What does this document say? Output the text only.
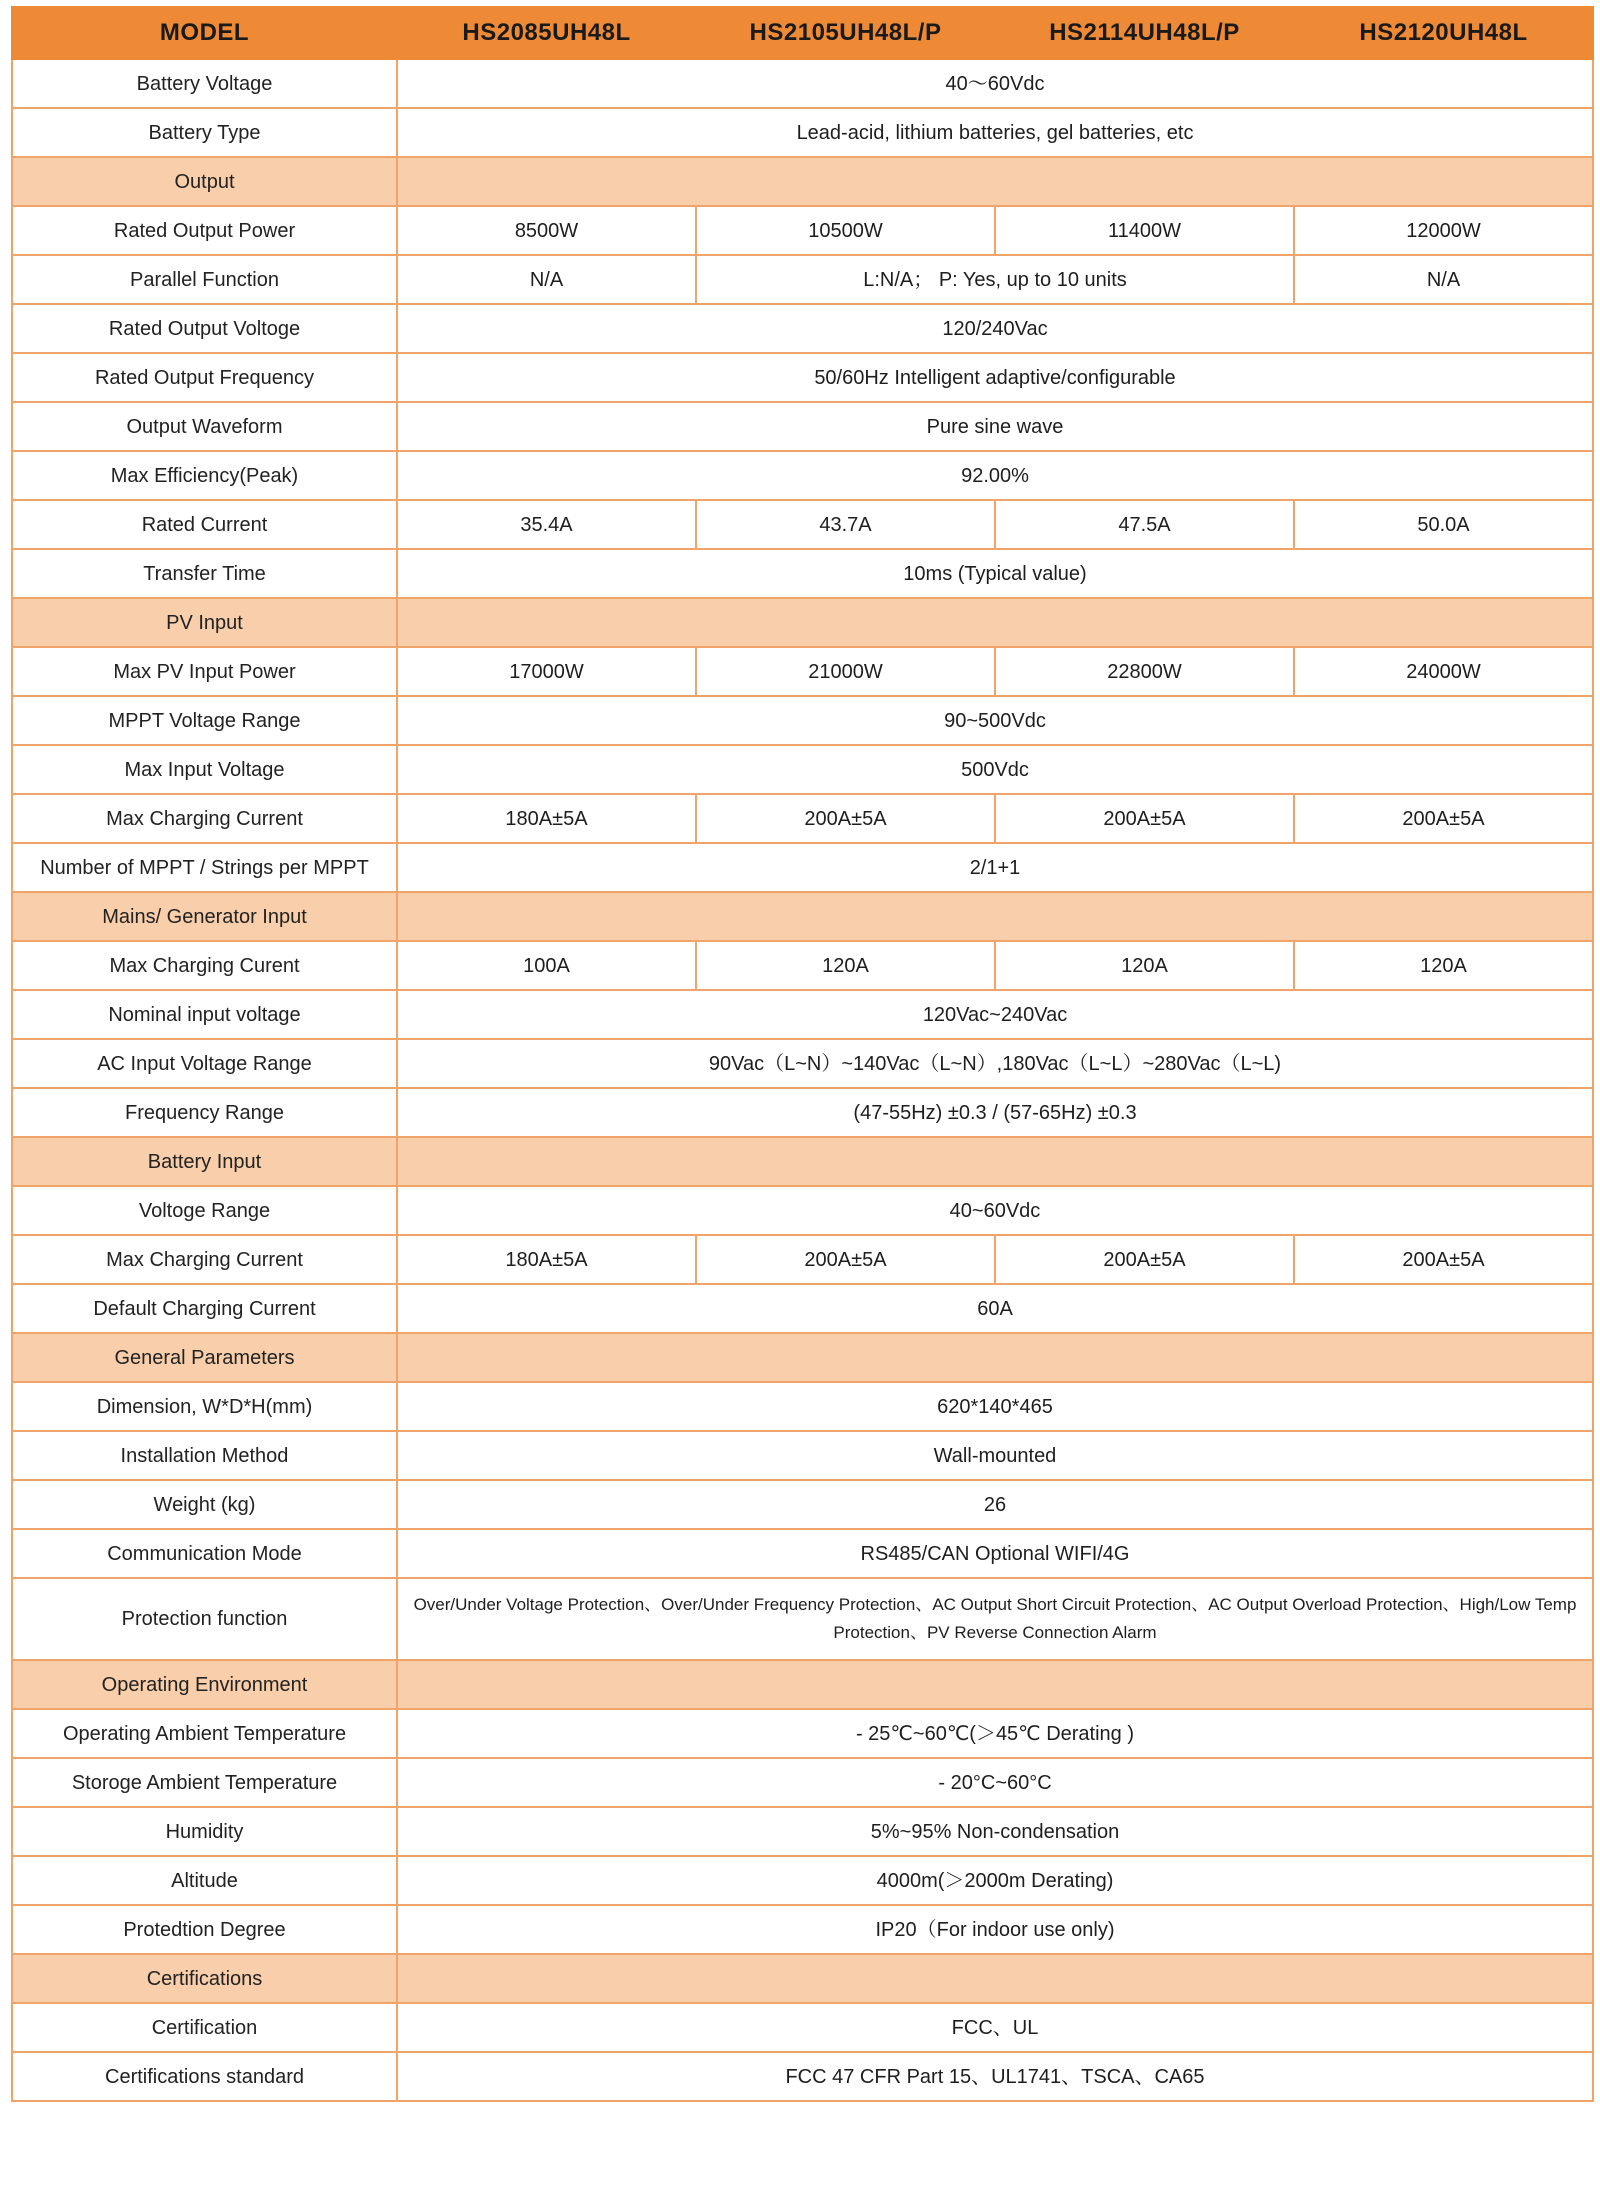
MODEL	HS2085UH48L	HS2105UH48L/P	HS2114UH48L/P	HS2120UH48L
Battery Voltage	40～60Vdc			
Battery Type	Lead-acid, lithium batteries, gel batteries, etc			
Output				
Rated Output Power	8500W	10500W	11400W	12000W
Parallel Function	N/A	L:N/A； P: Yes, up to 10 units		N/A
Rated Output Voltoge	120/240Vac			
Rated Output Frequency	50/60Hz Intelligent adaptive/configurable			
Output Waveform	Pure sine wave			
Max Efficiency(Peak)	92.00%			
Rated Current	35.4A	43.7A	47.5A	50.0A
Transfer Time	10ms (Typical value)			
PV Input				
Max PV Input Power	17000W	21000W	22800W	24000W
MPPT Voltage Range	90~500Vdc			
Max Input Voltage	500Vdc			
Max Charging Current	180A±5A	200A±5A	200A±5A	200A±5A
Number of MPPT / Strings per MPPT	2/1+1			
Mains/ Generator Input				
Max Charging Curent	100A	120A	120A	120A
Nominal input voltage	120Vac~240Vac			
AC Input Voltage Range	90Vac（L~N）~140Vac（L~N）,180Vac（L~L）~280Vac（L~L)			
Frequency Range	(47-55Hz) ±0.3 / (57-65Hz) ±0.3			
Battery Input				
Voltoge Range	40~60Vdc			
Max Charging Current	180A±5A	200A±5A	200A±5A	200A±5A
Default Charging Current	60A			
General Parameters				
Dimension, W*D*H(mm)	620*140*465			
Installation Method	Wall-mounted			
Weight (kg)	26			
Communication Mode	RS485/CAN Optional WIFI/4G			
Protection function	Over/Under Voltage Protection、Over/Under Frequency Protection、AC Output Short Circuit Protection、AC Output Overload Protection、High/Low Temp Protection、PV Reverse Connection Alarm			
Operating Environment				
Operating Ambient Temperature	- 25℃~60℃(＞45℃ Derating )			
Storoge Ambient Temperature	- 20°C~60°C			
Humidity	5%~95% Non-condensation			
Altitude	4000m(＞2000m Derating)			
Protedtion Degree	IP20（For indoor use only)			
Certifications				
Certification	FCC、UL			
Certifications standard	FCC 47 CFR Part 15、UL1741、TSCA、CA65			
